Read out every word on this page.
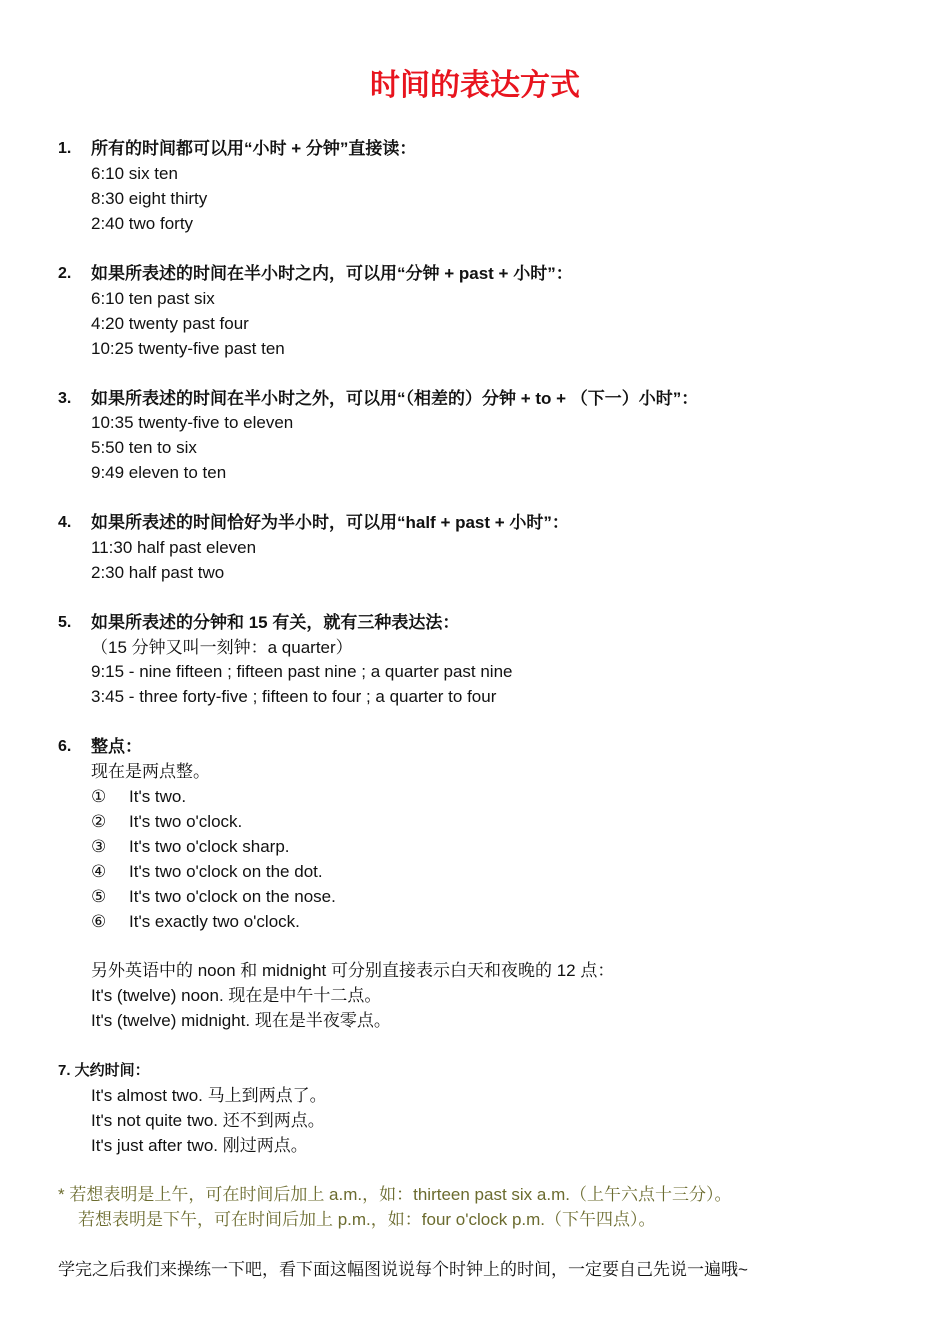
时间的表达方式
1. 所有的时间都可以用“小时 + 分钟”直接读：
6:10 six ten
8:30 eight thirty
2:40 two forty
2. 如果所表述的时间在半小时之内，可以用“分钟 + past + 小时”：
6:10 ten past six
4:20 twenty past four
10:25 twenty-five past ten
3. 如果所表述的时间在半小时之外，可以用“（相差的）分钟 + to + （下一）小时”：
10:35 twenty-five to eleven
5:50 ten to six
9:49 eleven to ten
4. 如果所表述的时间恰好为半小时，可以用“half + past + 小时”：
11:30 half past eleven
2:30 half past two
5. 如果所表述的分钟和 15 有关，就有三种表达法：
（15 分钟又叫一刻钟：a quarter）
9:15 - nine fifteen ; fifteen past nine ; a quarter past nine
3:45 - three forty-five ; fifteen to four ; a quarter to four
6. 整点：
现在是两点整。
① It's two.
② It's two o'clock.
③ It's two o'clock sharp.
④ It's two o'clock on the dot.
⑤ It's two o'clock on the nose.
⑥ It's exactly two o'clock.
另外英语中的 noon 和 midnight 可分别直接表示白天和夜晚的 12 点：
It's (twelve) noon. 现在是中午十二点。
It's (twelve) midnight. 现在是半夜零点。
7. 大约时间：
It's almost two. 马上到两点了。
It's not quite two. 还不到两点。
It's just after two. 刚过两点。
* 若想表明是上午，可在时间后加上 a.m.，如：thirteen past six a.m.（上午六点十三分）。
若想表明是下午，可在时间后加上 p.m.，如：four o'clock p.m.（下午四点）。
学完之后我们来操练一下吧，看下面这幅图说说每个时钟上的时间，一定要自己先说一遍哦~
